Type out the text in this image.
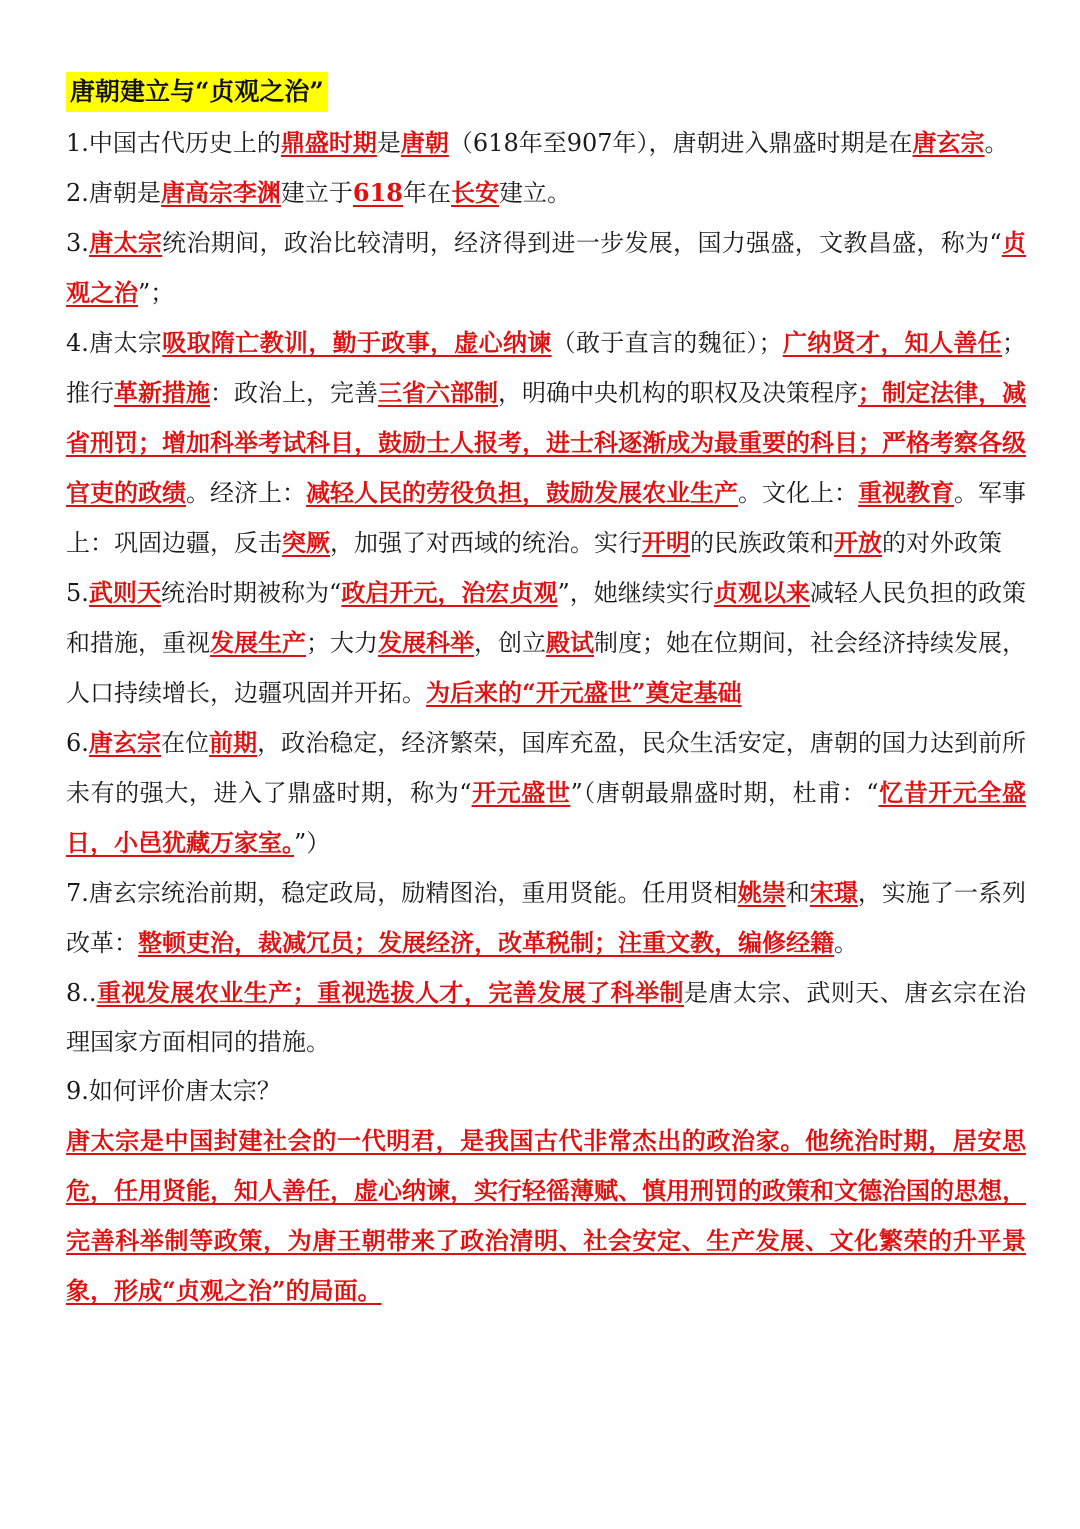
唐朝建立与“贞观之治”

1.中国古代历史上的鼎盛时期是唐朝（618年至907年），唐朝进入鼎盛时期是在唐玄宗。

2.唐朝是唐高宗李渊建立于618年在长安建立。

3.唐太宗统治期间，政治比较清明，经济得到进一步发展，国力强盛，文教昌盛，称为“贞观之治”；

4.唐太宗吸取隋亡教训，勤于政事，虚心纳谏（敢于直言的魏征）；广纳贤才，知人善任；推行革新措施：政治上，完善三省六部制，明确中央机构的职权及决策程序；制定法律，减省刑罚；增加科举考试科目，鼓励士人报考，进士科逐渐成为最重要的科目；严格考察各级官吏的政绩。经济上：减轻人民的劳役负担，鼓励发展农业生产。文化上：重视教育。军事上：巩固边疆，反击突厥，加强了对西域的统治。实行开明的民族政策和开放的对外政策

5.武则天统治时期被称为“政启开元，治宏贞观”，她继续实行贞观以来减轻人民负担的政策和措施，重视发展生产；大力发展科举，创立殿试制度；她在位期间，社会经济持续发展，人口持续增长，边疆巩固并开拓。为后来的“开元盛世”奠定基础

6.唐玄宗在位前期，政治稳定，经济繁荣，国库充盈，民众生活安定，唐朝的国力达到前所未有的强大，进入了鼎盛时期，称为“开元盛世”（唐朝最鼎盛时期，杜甫：“忆昔开元全盛日，小邑犹藏万家室。”）

7.唐玄宗统治前期，稳定政局，励精图治，重用贤能。任用贤相姚崇和宋璟，实施了一系列改革：整顿吏治，裁减冗员；发展经济，改革税制；注重文教，编修经籍。

8..重视发展农业生产；重视选拔人才，完善发展了科举制是唐太宗、武则天、唐玄宗在治理国家方面相同的措施。

9.如何评价唐太宗？

唐太宗是中国封建社会的一代明君，是我国古代非常杰出的政治家。他统治时期，居安思危，任用贤能，知人善任，虚心纳谏，实行轻徭薄赋、慎用刑罚的政策和文德治国的思想，完善科举制等政策，为唐王朝带来了政治清明、社会安定、生产发展、文化繁荣的升平景象，形成“贞观之治”的局面。
